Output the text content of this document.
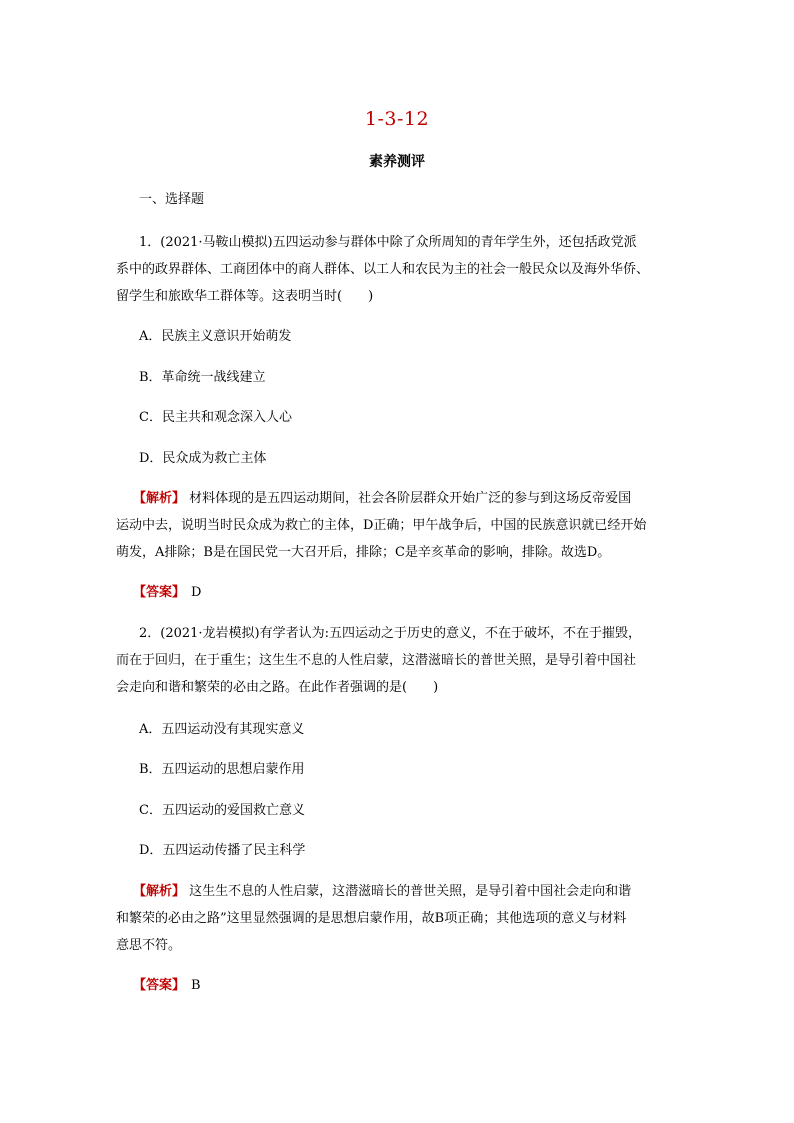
1-3-12
素养测评
一、选择题
1．(2021·马鞍山模拟)五四运动参与群体中除了众所周知的青年学生外，还包括政党派
系中的政界群体、工商团体中的商人群体、以工人和农民为主的社会一般民众以及海外华侨、
留学生和旅欧华工群体等。这表明当时(　　)
A．民族主义意识开始萌发
B．革命统一战线建立
C．民主共和观念深入人心
D．民众成为救亡主体
【解析】 材料体现的是五四运动期间，社会各阶层群众开始广泛的参与到这场反帝爱国
运动中去，说明当时民众成为救亡的主体，D正确；甲午战争后，中国的民族意识就已经开始
萌发，A排除；B是在国民党一大召开后，排除；C是辛亥革命的影响，排除。故选D。
【答案】 D
2．(2021·龙岩模拟)有学者认为:五四运动之于历史的意义，不在于破坏，不在于摧毁，
而在于回归，在于重生；这生生不息的人性启蒙，这潜滋暗长的普世关照，是导引着中国社
会走向和谐和繁荣的必由之路。在此作者强调的是(　　)
A．五四运动没有其现实意义
B．五四运动的思想启蒙作用
C．五四运动的爱国救亡意义
D．五四运动传播了民主科学
【解析】 这生生不息的人性启蒙，这潜滋暗长的普世关照，是导引着中国社会走向和谐
和繁荣的必由之路”这里显然强调的是思想启蒙作用，故B项正确；其他选项的意义与材料
意思不符。
【答案】 B
